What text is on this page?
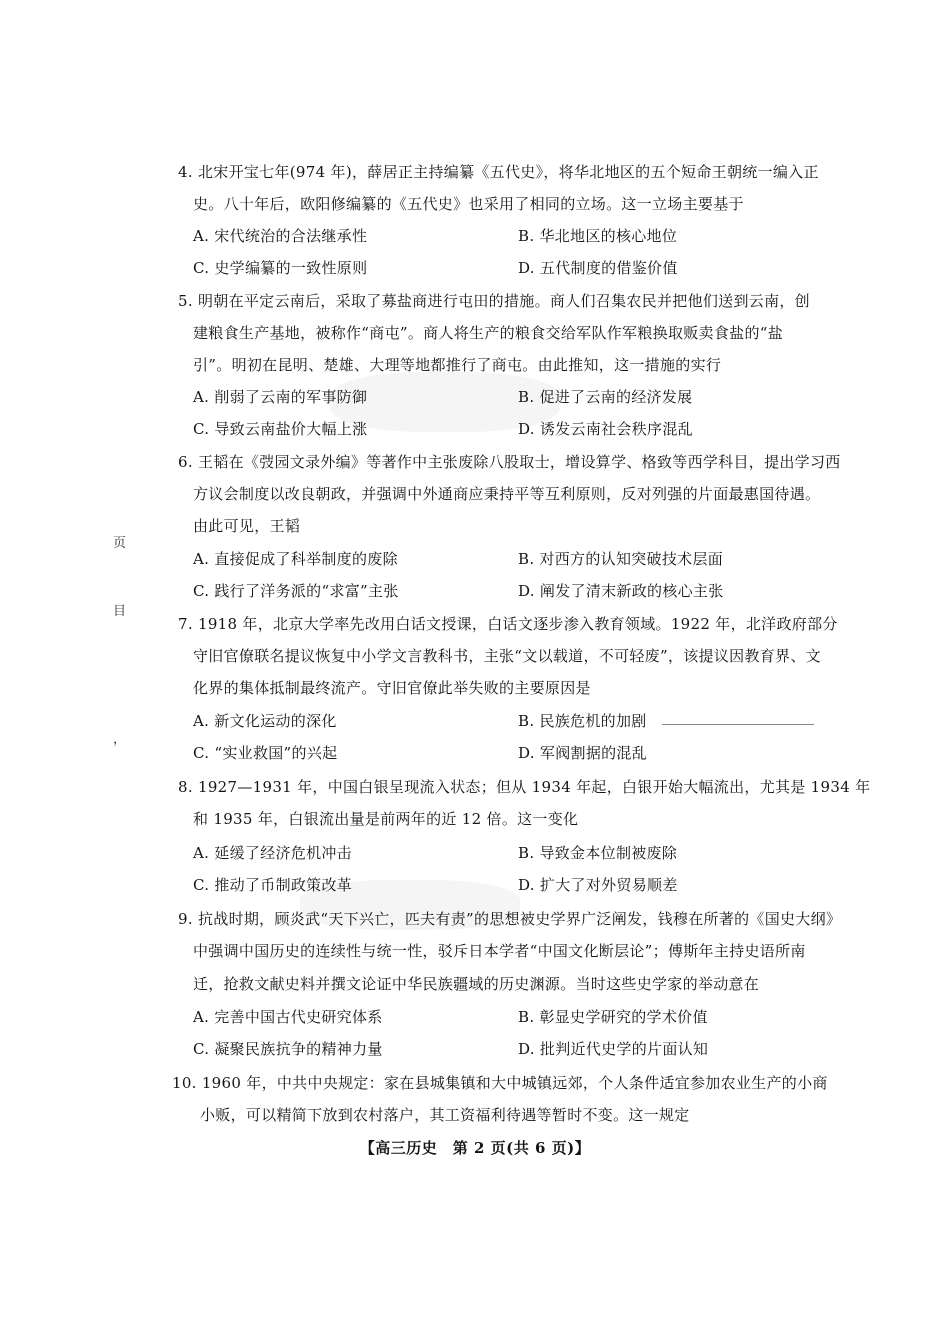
页
目
，
4. 北宋开宝七年(974 年)，薛居正主持编纂《五代史》，将华北地区的五个短命王朝统一编入正
史。八十年后，欧阳修编纂的《五代史》也采用了相同的立场。这一立场主要基于
A. 宋代统治的合法继承性	B. 华北地区的核心地位
C. 史学编纂的一致性原则	D. 五代制度的借鉴价值
5. 明朝在平定云南后，采取了募盐商进行屯田的措施。商人们召集农民并把他们送到云南，创
建粮食生产基地，被称作“商屯”。商人将生产的粮食交给军队作军粮换取贩卖食盐的“盐
引”。明初在昆明、楚雄、大理等地都推行了商屯。由此推知，这一措施的实行
A. 削弱了云南的军事防御	B. 促进了云南的经济发展
C. 导致云南盐价大幅上涨	D. 诱发云南社会秩序混乱
6. 王韬在《弢园文录外编》等著作中主张废除八股取士，增设算学、格致等西学科目，提出学习西
方议会制度以改良朝政，并强调中外通商应秉持平等互利原则，反对列强的片面最惠国待遇。
由此可见，王韬
A. 直接促成了科举制度的废除	B. 对西方的认知突破技术层面
C. 践行了洋务派的“求富”主张	D. 阐发了清末新政的核心主张
7. 1918 年，北京大学率先改用白话文授课，白话文逐步渗入教育领域。1922 年，北洋政府部分
守旧官僚联名提议恢复中小学文言教科书，主张“文以载道，不可轻废”，该提议因教育界、文
化界的集体抵制最终流产。守旧官僚此举失败的主要原因是
A. 新文化运动的深化	B. 民族危机的加剧
C. “实业救国”的兴起	D. 军阀割据的混乱
8. 1927—1931 年，中国白银呈现流入状态；但从 1934 年起，白银开始大幅流出，尤其是 1934 年
和 1935 年，白银流出量是前两年的近 12 倍。这一变化
A. 延缓了经济危机冲击	B. 导致金本位制被废除
C. 推动了币制政策改革	D. 扩大了对外贸易顺差
9. 抗战时期，顾炎武“天下兴亡，匹夫有责”的思想被史学界广泛阐发，钱穆在所著的《国史大纲》
中强调中国历史的连续性与统一性，驳斥日本学者“中国文化断层论”；傅斯年主持史语所南
迁，抢救文献史料并撰文论证中华民族疆域的历史渊源。当时这些史学家的举动意在
A. 完善中国古代史研究体系	B. 彰显史学研究的学术价值
C. 凝聚民族抗争的精神力量	D. 批判近代史学的片面认知
10. 1960 年，中共中央规定：家在县城集镇和大中城镇远郊，个人条件适宜参加农业生产的小商
小贩，可以精简下放到农村落户，其工资福利待遇等暂时不变。这一规定
【高三历史　第 2 页(共 6 页)】
